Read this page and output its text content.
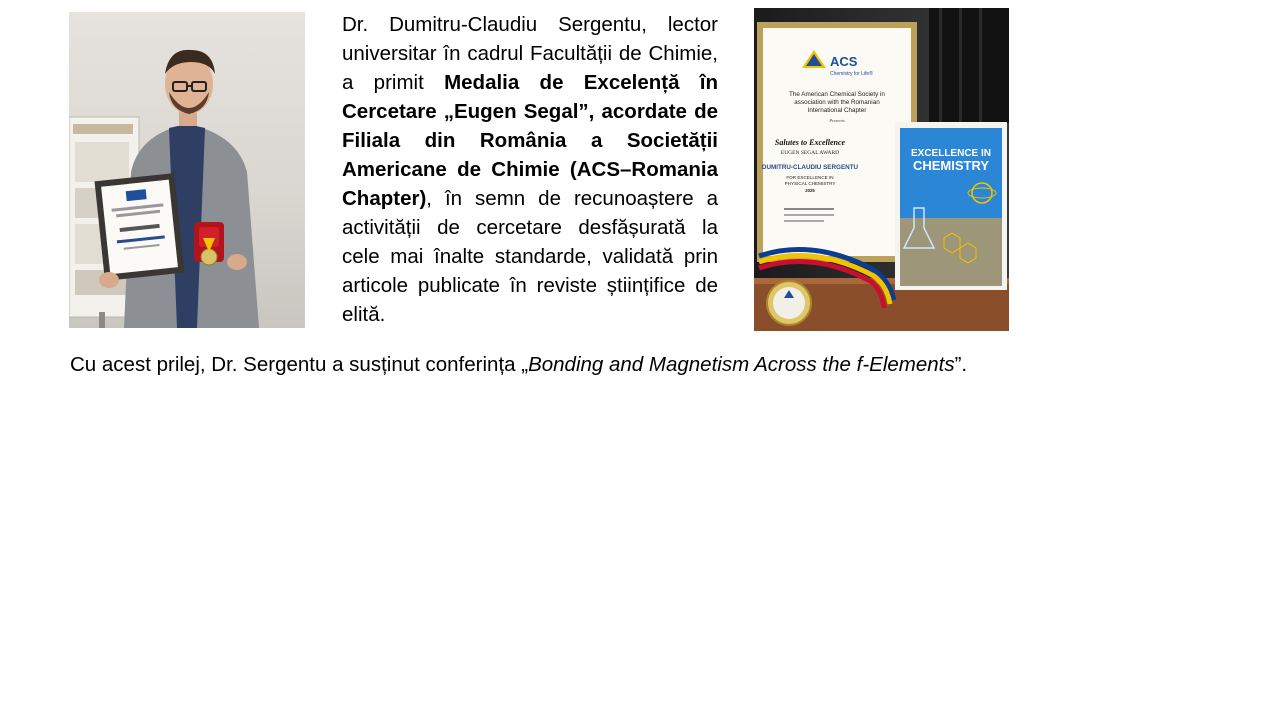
Dr. Dumitru-Claudiu Sergentu, lector universitar în cadrul Facultății de Chimie, a primit Medalia de Excelență în Cercetare „Eugen Segal”, acordate de Filiala din România a Societății Americane de Chimie (ACS–Romania Chapter), în semn de recunoaștere a activității de cercetare desfășurată la cele mai înalte standarde, validată prin articole publicate în reviste științifice de elită.

ACS
Chemistry for Life®
The American Chemical Society in
association with the Romanian
International Chapter
Presents
Salutes to Excellence
EUGEN SEGAL AWARD
DUMITRU-CLAUDIU SERGENTU
FOR EXCELLENCE IN
PHYSICAL CHEMISTRY
2025
EXCELLENCE IN
CHEMISTRY

Cu acest prilej, Dr. Sergentu a susținut conferința „Bonding and Magnetism Across the f-Elements”.
